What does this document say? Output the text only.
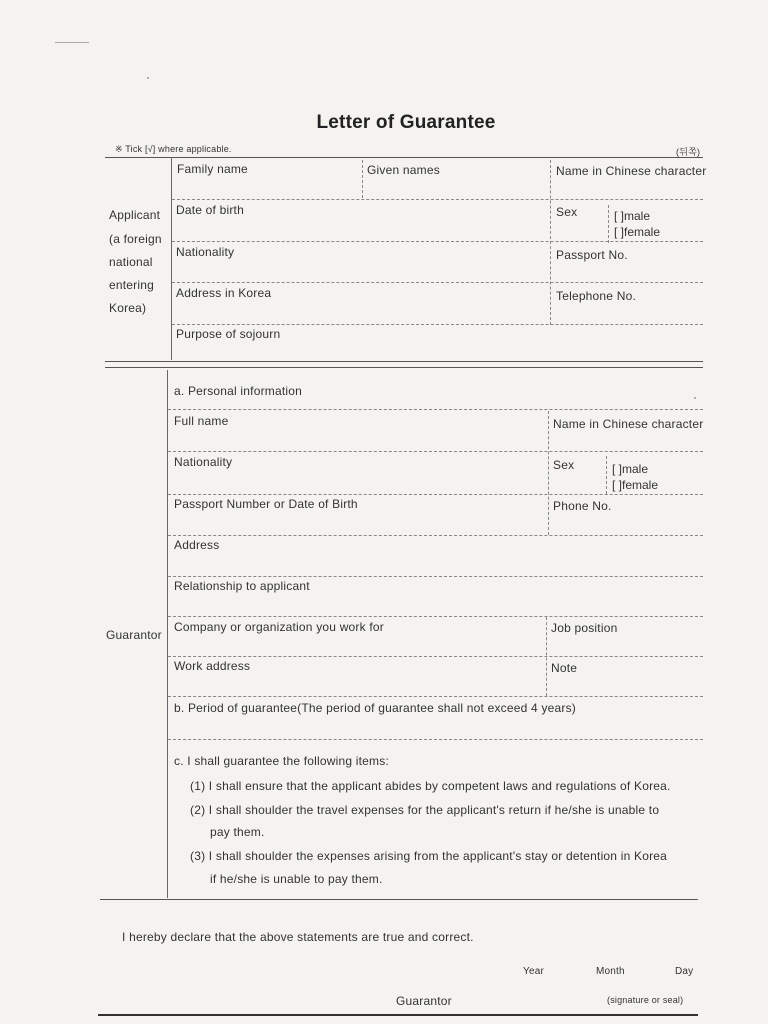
Letter of Guarantee
※ Tick [√] where applicable.	(뒤쪽)
Applicant
(a foreign
national
entering
Korea)
Family name	Given names	Name in Chinese character
Date of birth	Sex	[ ]male
[ ]female
Nationality	Passport No.
Address in Korea	Telephone No.
Purpose of sojourn
Guarantor
a. Personal information
Full name	Name in Chinese character
Nationality	Sex	[ ]male
[ ]female
Passport Number or Date of Birth	Phone No.
Address
Relationship to applicant
Company or organization you work for	Job position
Work address	Note
b. Period of guarantee(The period of guarantee shall not exceed 4 years)
c. I shall guarantee the following items:
(1) I shall ensure that the applicant abides by competent laws and regulations of Korea.
(2) I shall shoulder the travel expenses for the applicant's return if he/she is unable to
pay them.
(3) I shall shoulder the expenses arising from the applicant's stay or detention in Korea
if he/she is unable to pay them.
I hereby declare that the above statements are true and correct.
Year	Month	Day
Guarantor	(signature or seal)
